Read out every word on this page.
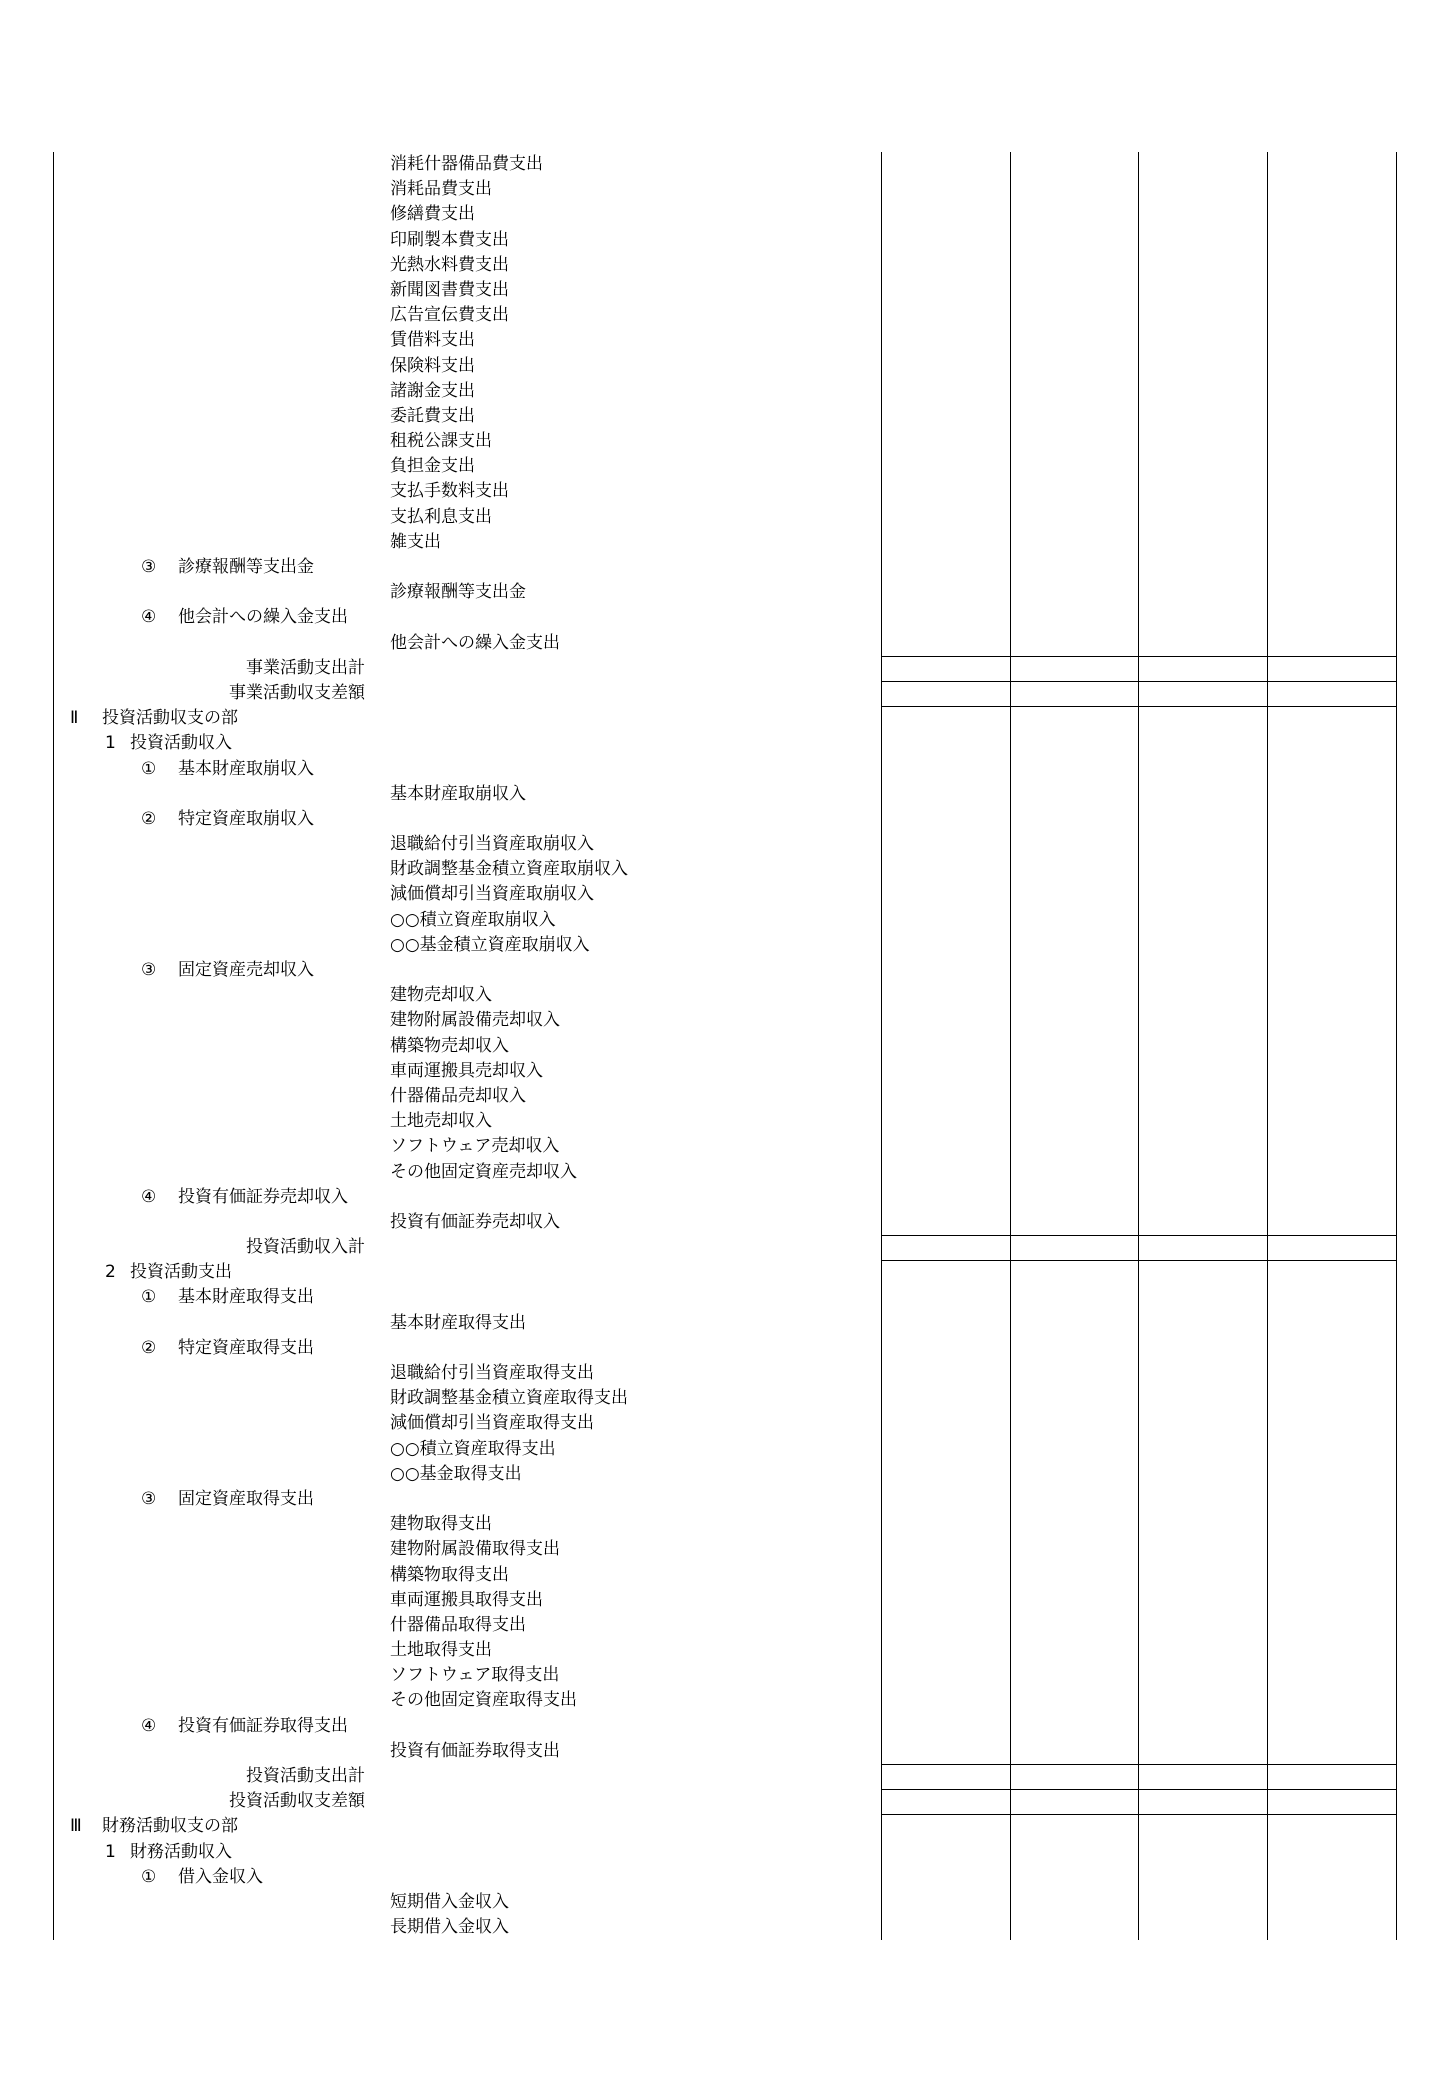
消耗什器備品費支出
消耗品費支出
修繕費支出
印刷製本費支出
光熱水料費支出
新聞図書費支出
広告宣伝費支出
賃借料支出
保険料支出
諸謝金支出
委託費支出
租税公課支出
負担金支出
支払手数料支出
支払利息支出
雑支出
③ 診療報酬等支出金
診療報酬等支出金
④ 他会計への繰入金支出
他会計への繰入金支出
事業活動支出計
事業活動収支差額
Ⅱ 投資活動収支の部
1 投資活動収入
① 基本財産取崩収入
基本財産取崩収入
② 特定資産取崩収入
退職給付引当資産取崩収入
財政調整基金積立資産取崩収入
減価償却引当資産取崩収入
○○積立資産取崩収入
○○基金積立資産取崩収入
③ 固定資産売却収入
建物売却収入
建物附属設備売却収入
構築物売却収入
車両運搬具売却収入
什器備品売却収入
土地売却収入
ソフトウェア売却収入
その他固定資産売却収入
④ 投資有価証券売却収入
投資有価証券売却収入
投資活動収入計
2 投資活動支出
① 基本財産取得支出
基本財産取得支出
② 特定資産取得支出
退職給付引当資産取得支出
財政調整基金積立資産取得支出
減価償却引当資産取得支出
○○積立資産取得支出
○○基金取得支出
③ 固定資産取得支出
建物取得支出
建物附属設備取得支出
構築物取得支出
車両運搬具取得支出
什器備品取得支出
土地取得支出
ソフトウェア取得支出
その他固定資産取得支出
④ 投資有価証券取得支出
投資有価証券取得支出
投資活動支出計
投資活動収支差額
Ⅲ 財務活動収支の部
1 財務活動収入
① 借入金収入
短期借入金収入
長期借入金収入
